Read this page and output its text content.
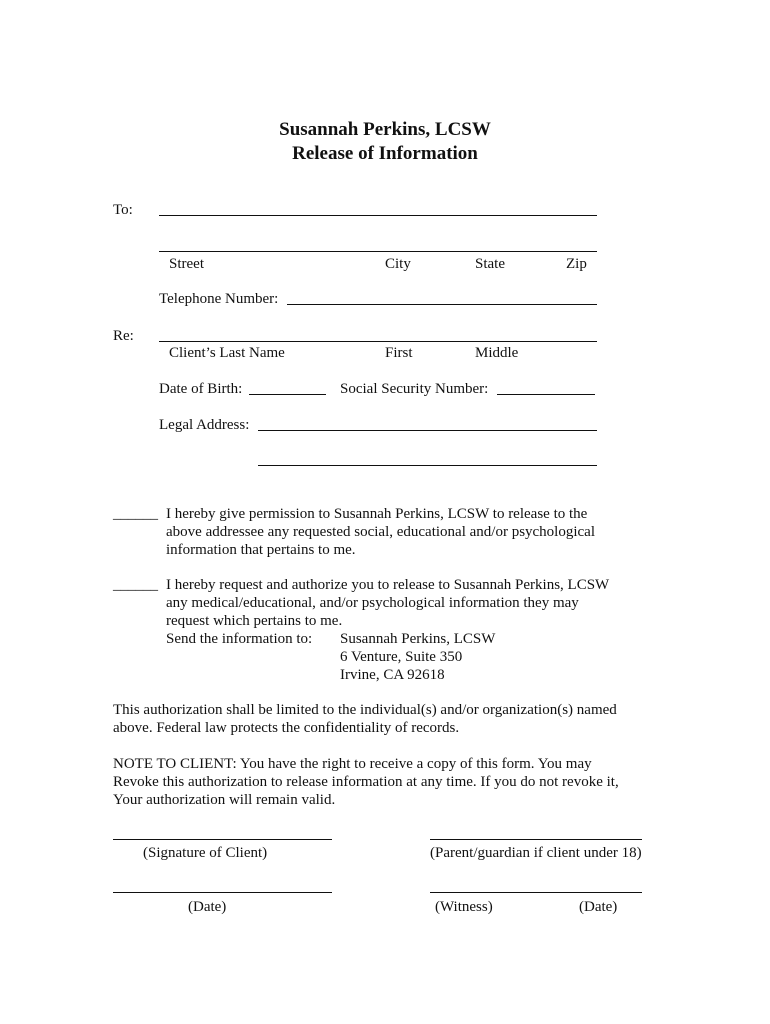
Susannah Perkins, LCSW
Release of Information
To:
Street	City	State	Zip
Telephone Number:
Re:
Client’s Last Name	First	Middle
Date of Birth:	Social Security Number:
Legal Address:
______ I hereby give permission to Susannah Perkins, LCSW to release to the
above addressee any requested social, educational and/or psychological
information that pertains to me.
______ I hereby request and authorize you to release to Susannah Perkins, LCSW
any medical/educational, and/or psychological information they may
request which pertains to me.
Send the information to: Susannah Perkins, LCSW
6 Venture, Suite 350
Irvine, CA 92618
This authorization shall be limited to the individual(s) and/or organization(s) named
above. Federal law protects the confidentiality of records.
NOTE TO CLIENT: You have the right to receive a copy of this form. You may
Revoke this authorization to release information at any time. If you do not revoke it,
Your authorization will remain valid.
(Signature of Client)	(Parent/guardian if client under 18)
(Date)	(Witness)	(Date)
